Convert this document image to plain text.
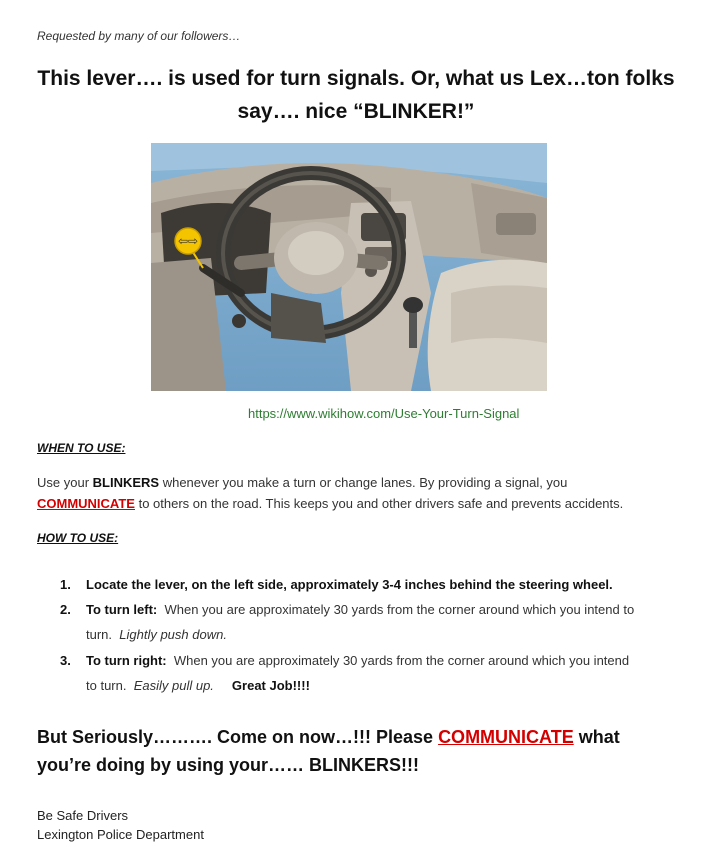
Requested by many of our followers…
This lever…. is used for turn signals. Or, what us Lex…ton folks
say…. nice “BLINKER!”
⇦⇨
https://www.wikihow.com/Use-Your-Turn-Signal
WHEN TO USE:
Use your BLINKERS whenever you make a turn or change lanes. By providing a signal, you
COMMUNICATE to others on the road. This keeps you and other drivers safe and prevents accidents.
HOW TO USE:
1. Locate the lever, on the left side, approximately 3-4 inches behind the steering wheel.
2. To turn left: When you are approximately 30 yards from the corner around which you intend to
turn. Lightly push down.
3. To turn right: When you are approximately 30 yards from the corner around which you intend
to turn. Easily pull up. Great Job!!!!
But Seriously………. Come on now…!!! Please COMMUNICATE what you’re doing by using your…… BLINKERS!!!
Be Safe Drivers
Lexington Police Department
